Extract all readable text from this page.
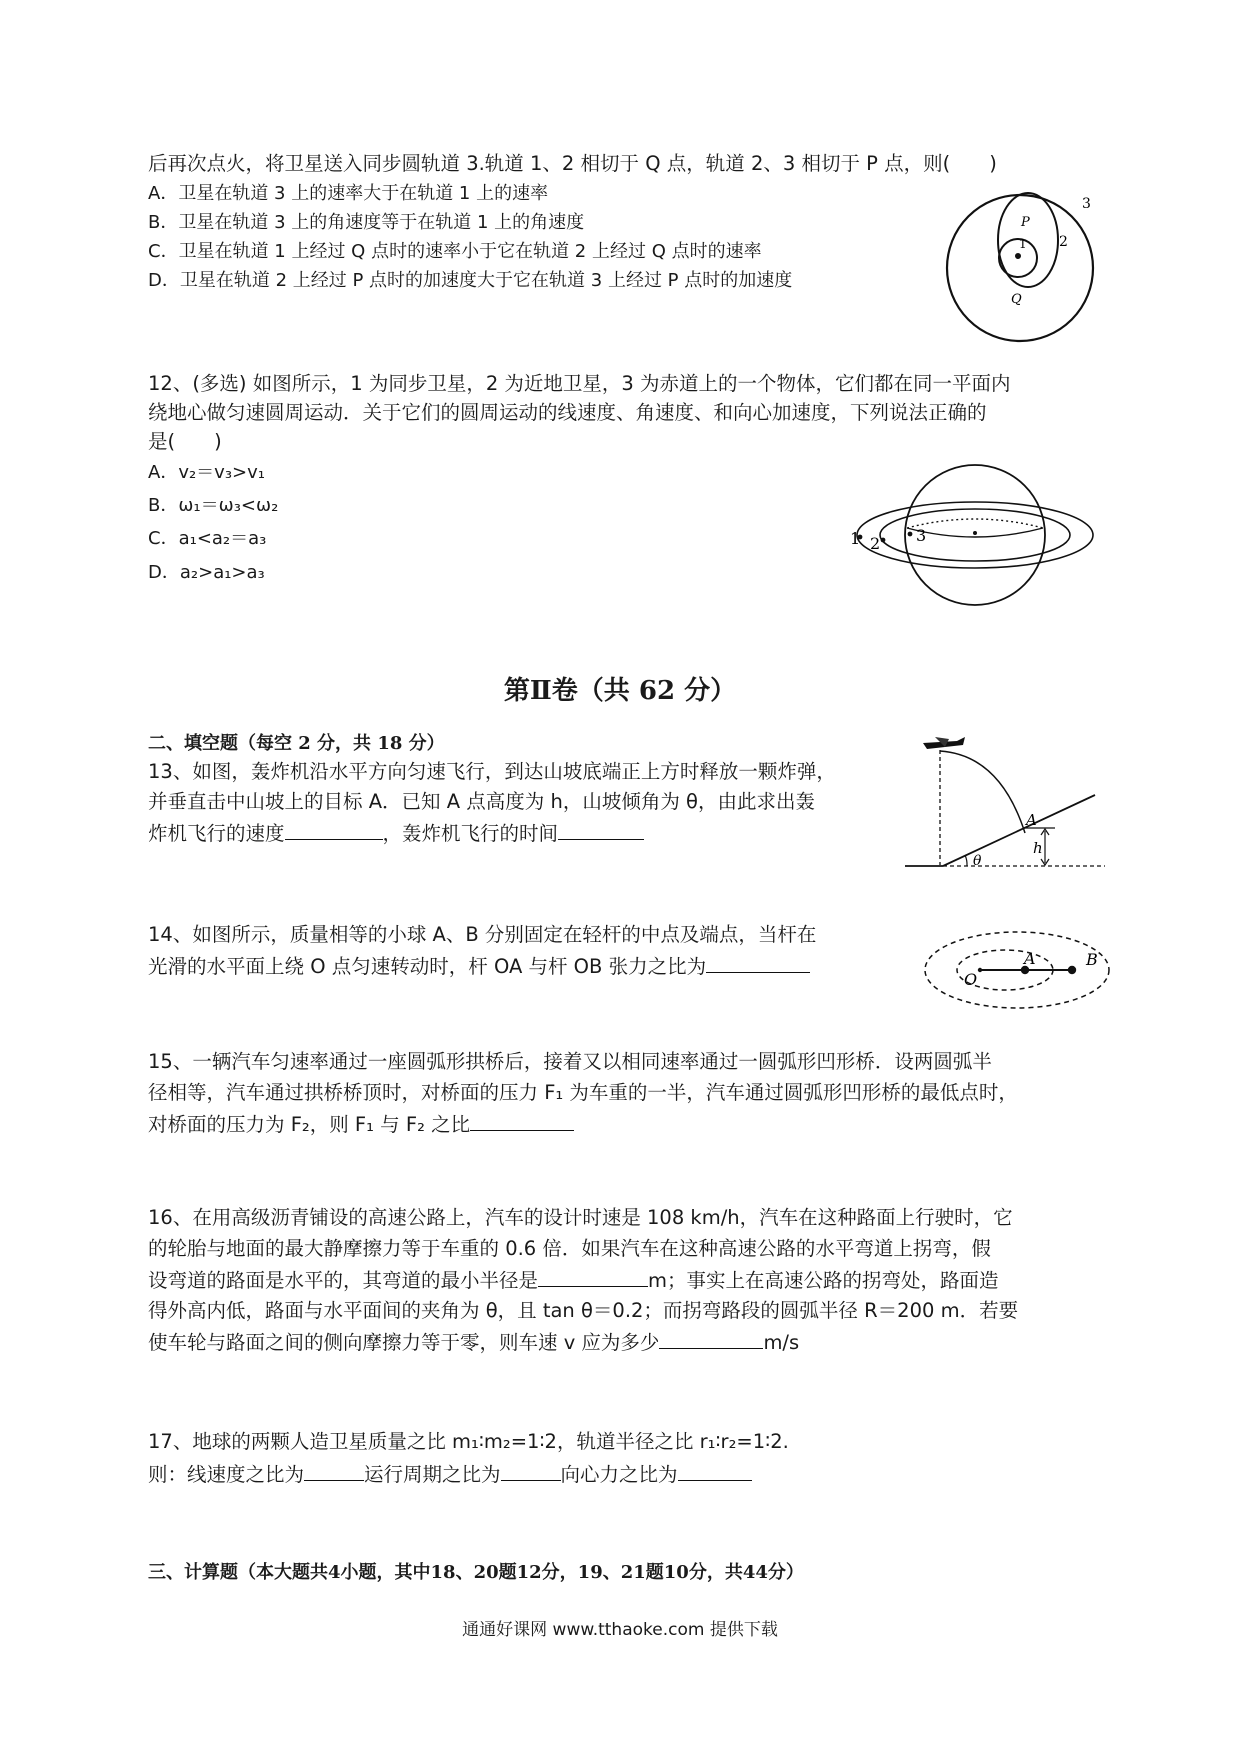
后再次点火，将卫星送入同步圆轨道 3.轨道 1、2 相切于 Q 点，轨道 2、3 相切于 P 点，则(　　)
A．卫星在轨道 3 上的速率大于在轨道 1 上的速率
B．卫星在轨道 3 上的角速度等于在轨道 1 上的角速度
C．卫星在轨道 1 上经过 Q 点时的速率小于它在轨道 2 上经过 Q 点时的速率
D．卫星在轨道 2 上经过 P 点时的加速度大于它在轨道 3 上经过 P 点时的加速度
P
1 2
3
Q
12、(多选) 如图所示，1 为同步卫星，2 为近地卫星，3 为赤道上的一个物体，它们都在同一平面内
绕地心做匀速圆周运动．关于它们的圆周运动的线速度、角速度、和向心加速度，下列说法正确的
是(　　)
A．v₂＝v₃>v₁
B．ω₁＝ω₃<ω₂
C．a₁<a₂＝a₃
D．a₂>a₁>a₃
1 2 3
第Ⅱ卷（共 62 分）
二、填空题（每空 2 分，共 18 分）
13、如图，轰炸机沿水平方向匀速飞行，到达山坡底端正上方时释放一颗炸弹，
并垂直击中山坡上的目标 A．已知 A 点高度为 h，山坡倾角为 θ，由此求出轰
炸机飞行的速度	，轰炸机飞行的时间
A
h
θ
14、如图所示，质量相等的小球 A、B 分别固定在轻杆的中点及端点，当杆在
光滑的水平面上绕 O 点匀速转动时，杆 OA 与杆 OB 张力之比为
O
A	B
15、一辆汽车匀速率通过一座圆弧形拱桥后，接着又以相同速率通过一圆弧形凹形桥．设两圆弧半
径相等，汽车通过拱桥桥顶时，对桥面的压力 F₁ 为车重的一半，汽车通过圆弧形凹形桥的最低点时，
对桥面的压力为 F₂，则 F₁ 与 F₂ 之比
16、在用高级沥青铺设的高速公路上，汽车的设计时速是 108 km/h，汽车在这种路面上行驶时，它
的轮胎与地面的最大静摩擦力等于车重的 0.6 倍．如果汽车在这种高速公路的水平弯道上拐弯，假
设弯道的路面是水平的，其弯道的最小半径是	m；事实上在高速公路的拐弯处，路面造
得外高内低，路面与水平面间的夹角为 θ，且 tan θ＝0.2；而拐弯路段的圆弧半径 R＝200 m．若要
使车轮与路面之间的侧向摩擦力等于零，则车速 v 应为多少	m/s
17、地球的两颗人造卫星质量之比 m₁∶m₂=1∶2，轨道半径之比 r₁∶r₂=1∶2.
则：线速度之比为	运行周期之比为	向心力之比为
三、计算题（本大题共4小题，其中18、20题12分，19、21题10分，共44分）
通通好课网 www.tthaoke.com 提供下载
